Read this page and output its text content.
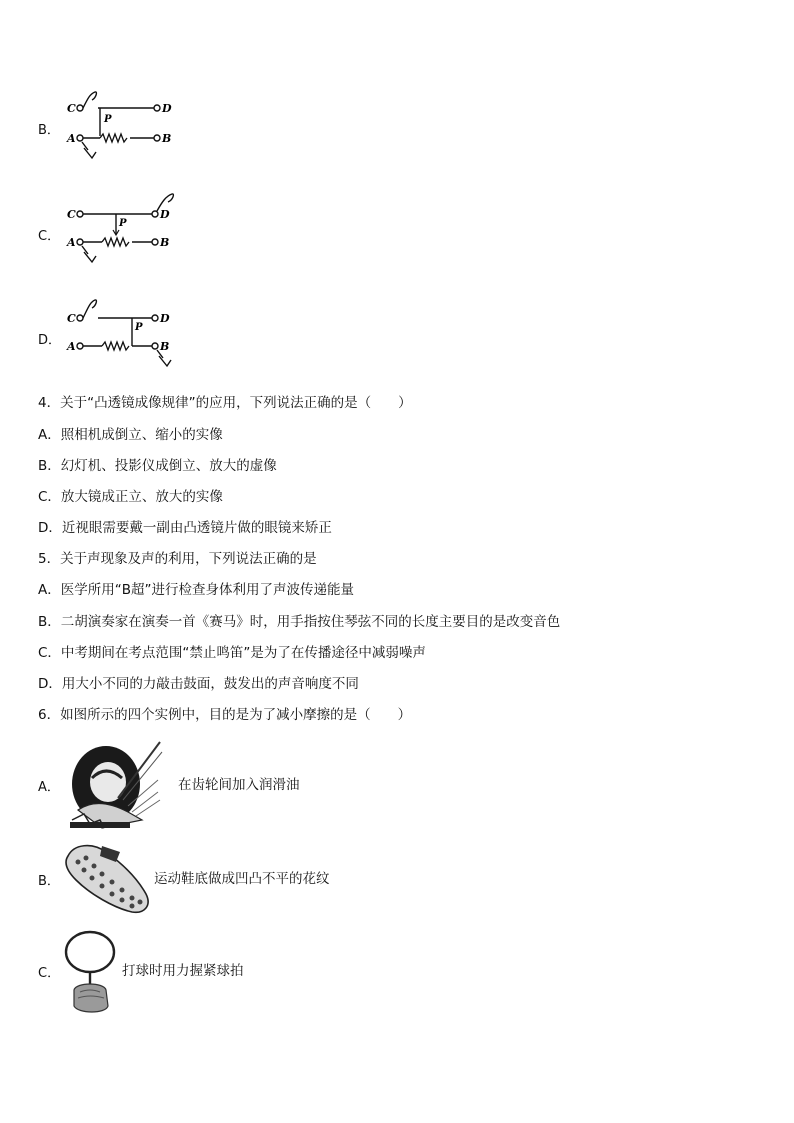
B．
C	D
P
A	B
C．
C	D
P
A	B
D．
C	D
P
A	B
4．关于“凸透镜成像规律”的应用，下列说法正确的是（　　）
A．照相机成倒立、缩小的实像
B．幻灯机、投影仪成倒立、放大的虚像
C．放大镜成正立、放大的实像
D．近视眼需要戴一副由凸透镜片做的眼镜来矫正
5．关于声现象及声的利用，下列说法正确的是
A．医学所用“B超”进行检查身体利用了声波传递能量
B．二胡演奏家在演奏一首《赛马》时，用手指按住琴弦不同的长度主要目的是改变音色
C．中考期间在考点范围“禁止鸣笛”是为了在传播途径中减弱噪声
D．用大小不同的力敲击鼓面，鼓发出的声音响度不同
6．如图所示的四个实例中，目的是为了减小摩擦的是（　　）
A．	在齿轮间加入润滑油
B．	运动鞋底做成凹凸不平的花纹
C．	打球时用力握紧球拍
